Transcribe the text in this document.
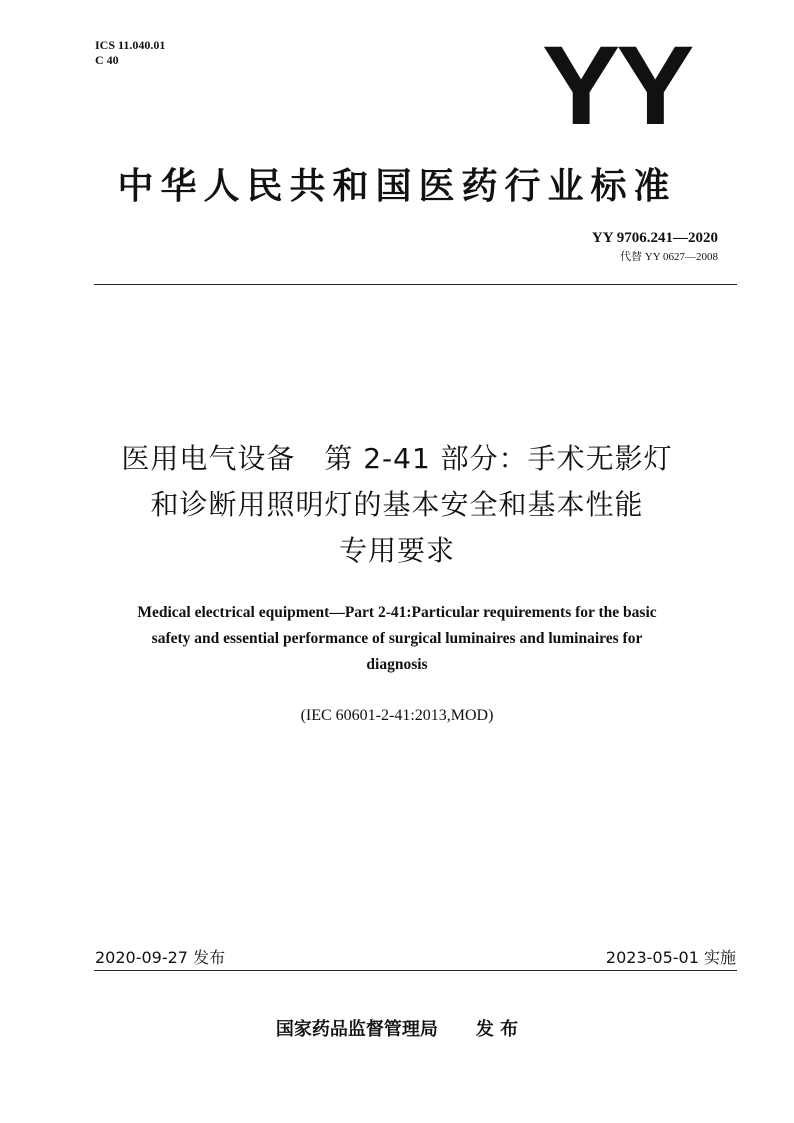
ICS 11.040.01
C 40	YY
中华人民共和国医药行业标准
YY 9706.241—2020
代替 YY 0627—2008
医用电气设备　第 2-41 部分：手术无影灯
和诊断用照明灯的基本安全和基本性能
专用要求
Medical electrical equipment—Part 2-41:Particular requirements for the basic
safety and essential performance of surgical luminaires and luminaires for
diagnosis
(IEC 60601-2-41:2013,MOD)
2020-09-27 发布	2023-05-01 实施
国家药品监督管理局 发 布
